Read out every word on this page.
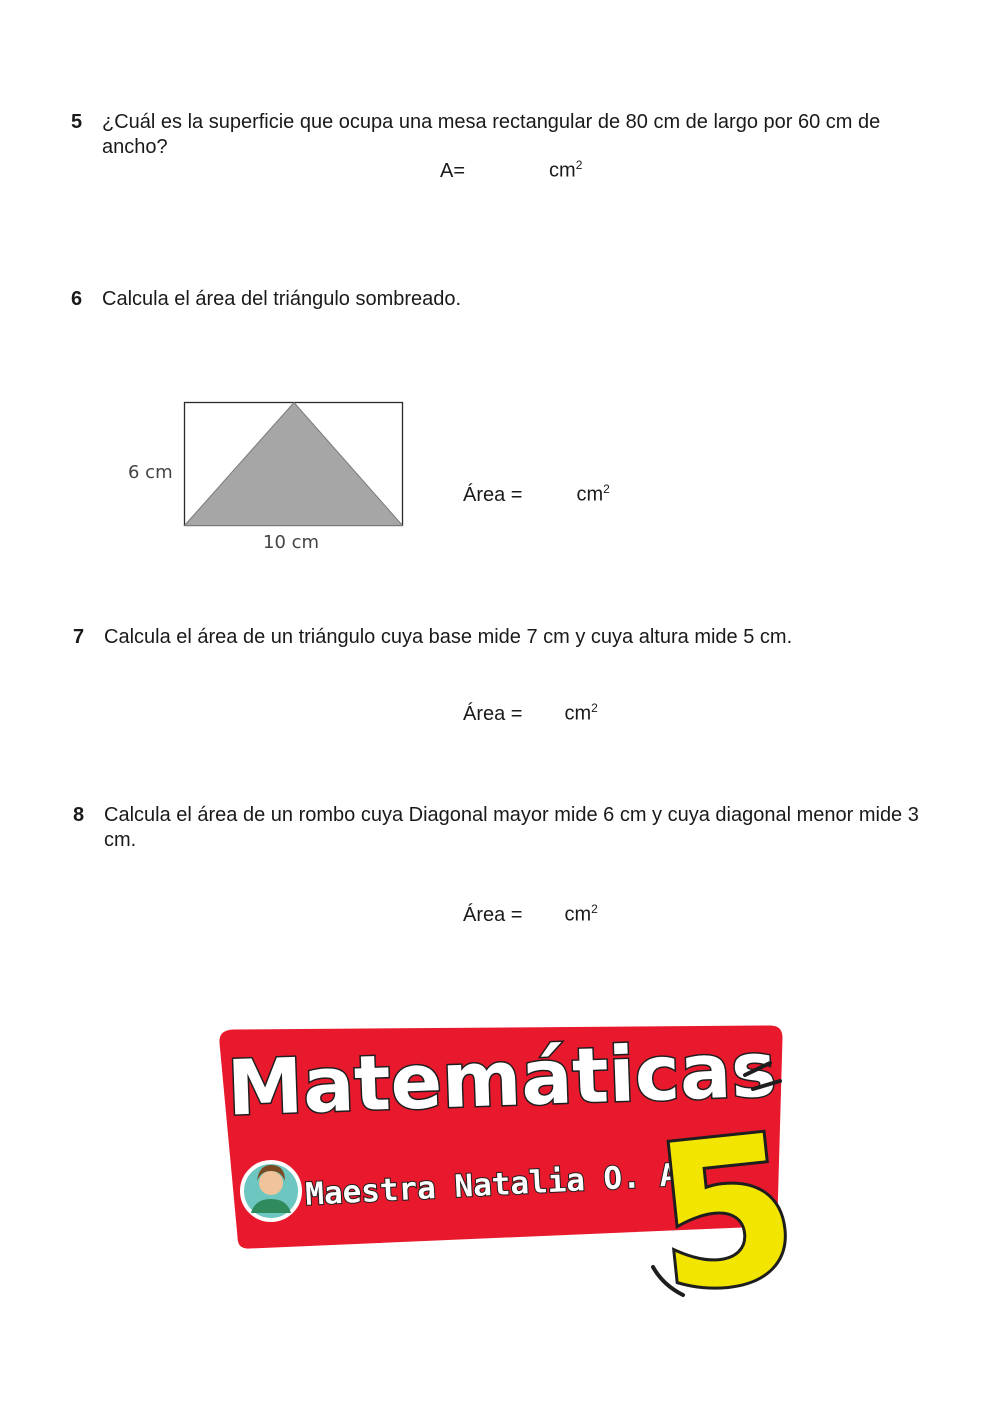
5 ¿Cuál es la superficie que ocupa una mesa rectangular de 80 cm de largo por 60 cm de ancho?
A=	$cm^2$
6 Calcula el área del triángulo sombreado.
6 cm
10 cm
Área =	$cm^2$
7 Calcula el área de un triángulo cuya base mide 7 cm y cuya altura mide 5 cm.
Área = $cm^2$
8 Calcula el área de un rombo cuya Diagonal mayor mide 6 cm y cuya diagonal menor mide 3 cm.
Área = $cm^2$
Matemáticas
Maestra Natalia O. A.
5
